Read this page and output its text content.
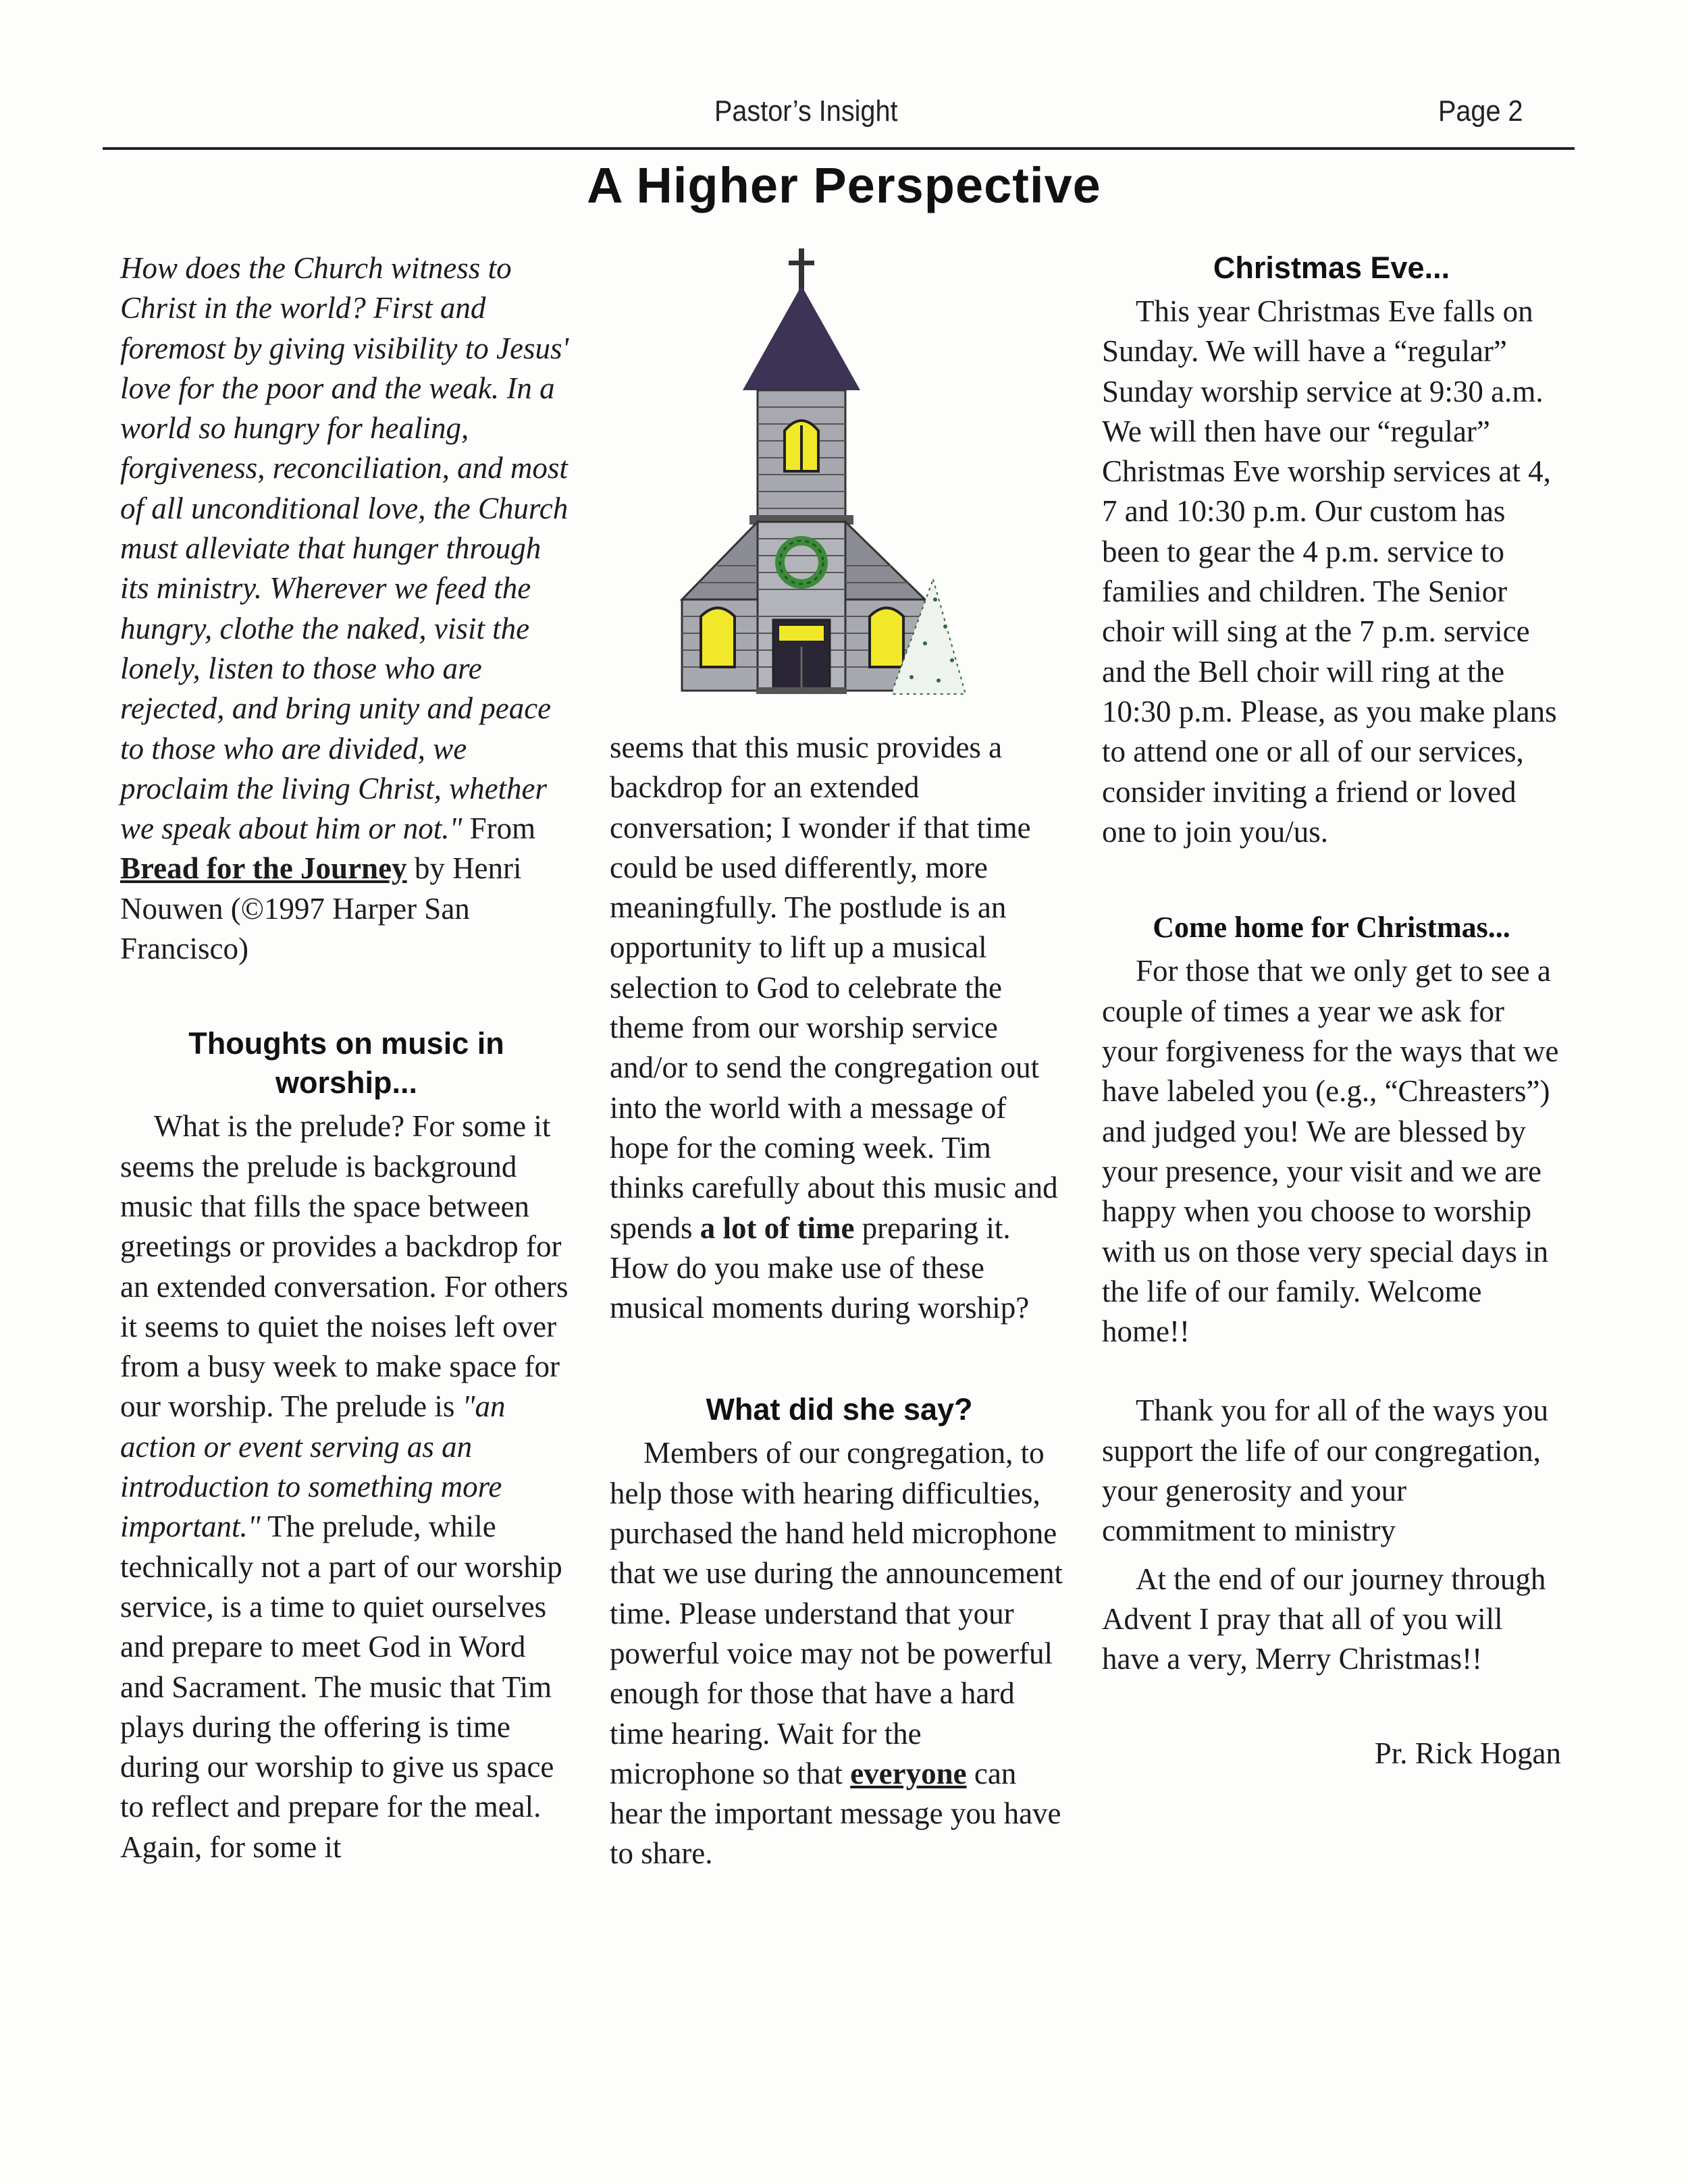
Pastor’s Insight	Page 2
A Higher Perspective

How does the Church witness to Christ in the world? First and foremost by giving visibility to Jesus' love for the poor and the weak. In a world so hungry for healing, forgiveness, reconciliation, and most of all unconditional love, the Church must alleviate that hunger through its ministry. Wherever we feed the hungry, clothe the naked, visit the lonely, listen to those who are rejected, and bring unity and peace to those who are divided, we proclaim the living Christ, whether we speak about him or not." From Bread for the Journey by Henri Nouwen (©1997 Harper San Francisco)

Thoughts on music in worship...

What is the prelude? For some it seems the prelude is background music that fills the space between greetings or provides a backdrop for an extended conversation. For others it seems to quiet the noises left over from a busy week to make space for our worship. The prelude is "an action or event serving as an introduction to something more important." The prelude, while technically not a part of our worship service, is a time to quiet ourselves and prepare to meet God in Word and Sacrament. The music that Tim plays during the offering is time during our worship to give us space to reflect and prepare for the meal. Again, for some it

seems that this music provides a backdrop for an extended conversation; I wonder if that time could be used differently, more meaningfully. The postlude is an opportunity to lift up a musical selection to God to celebrate the theme from our worship service and/or to send the congregation out into the world with a message of hope for the coming week. Tim thinks carefully about this music and spends a lot of time preparing it. How do you make use of these musical moments during worship?

What did she say?

Members of our congregation, to help those with hearing difficulties, purchased the hand held microphone that we use during the announcement time. Please understand that your powerful voice may not be powerful enough for those that have a hard time hearing. Wait for the microphone so that everyone can hear the important message you have to share.

Christmas Eve...

This year Christmas Eve falls on Sunday. We will have a “regular” Sunday worship service at 9:30 a.m. We will then have our “regular” Christmas Eve worship services at 4, 7 and 10:30 p.m. Our custom has been to gear the 4 p.m. service to families and children. The Senior choir will sing at the 7 p.m. service and the Bell choir will ring at the 10:30 p.m. Please, as you make plans to attend one or all of our services, consider inviting a friend or loved one to join you/us.

Come home for Christmas...

For those that we only get to see a couple of times a year we ask for your forgiveness for the ways that we have labeled you (e.g., “Chreasters”) and judged you! We are blessed by your presence, your visit and we are happy when you choose to worship with us on those very special days in the life of our family. Welcome home!!

Thank you for all of the ways you support the life of our congregation, your generosity and your commitment to ministry

At the end of our journey through Advent I pray that all of you will have a very, Merry Christmas!!

Pr. Rick Hogan
